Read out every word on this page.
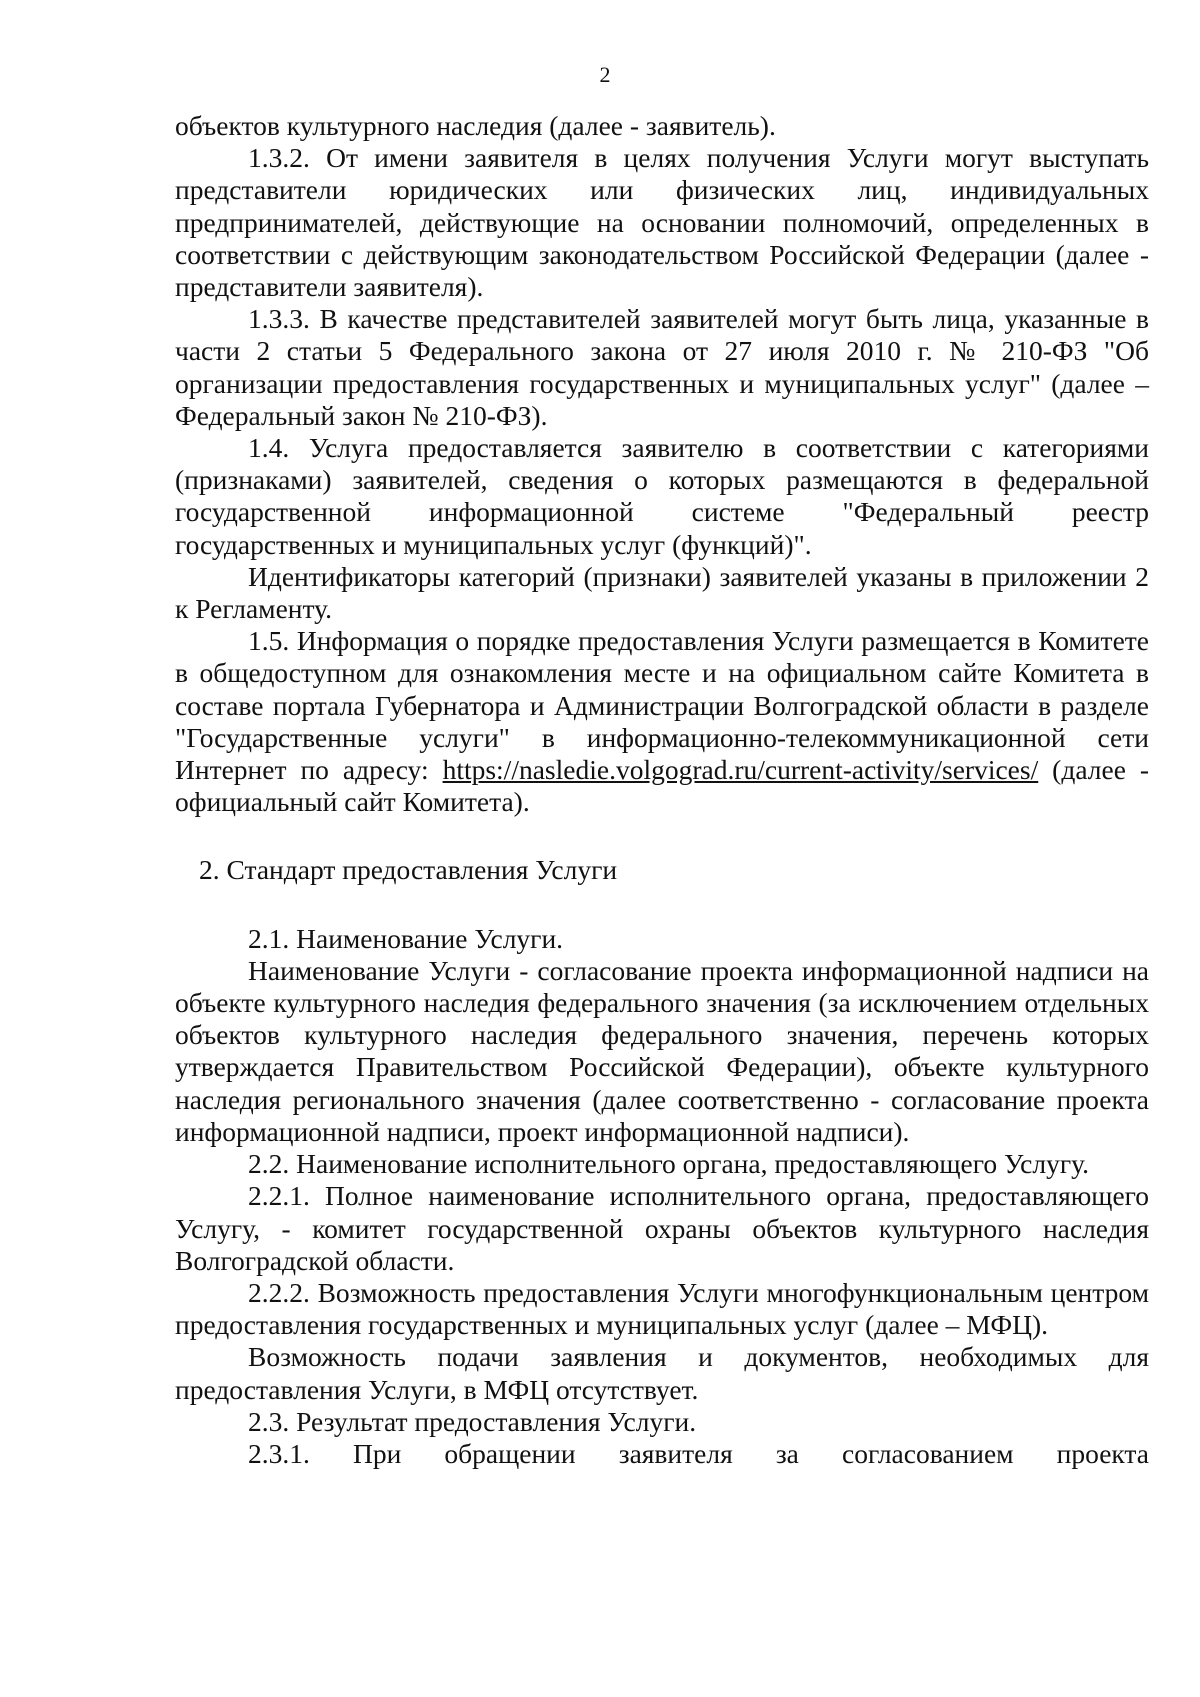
2

объектов культурного наследия (далее - заявитель).

1.3.2. От имени заявителя в целях получения Услуги могут выступать представители юридических или физических лиц, индивидуальных предпринимателей, действующие на основании полномочий, определенных в соответствии с действующим законодательством Российской Федерации (далее - представители заявителя).

1.3.3. В качестве представителей заявителей могут быть лица, указанные в части 2 статьи 5 Федерального закона от 27 июля 2010 г. № 210-ФЗ "Об организации предоставления государственных и муниципальных услуг" (далее – Федеральный закон № 210-ФЗ).

1.4. Услуга предоставляется заявителю в соответствии с категориями (признаками) заявителей, сведения о которых размещаются в федеральной государственной информационной системе "Федеральный реестр государственных и муниципальных услуг (функций)".

Идентификаторы категорий (признаки) заявителей указаны в приложении 2 к Регламенту.

1.5. Информация о порядке предоставления Услуги размещается в Комитете в общедоступном для ознакомления месте и на официальном сайте Комитета в составе портала Губернатора и Администрации Волгоградской области в разделе "Государственные услуги" в информационно-телекоммуникационной сети Интернет по адресу: https://nasledie.volgograd.ru/current-activity/services/ (далее - официальный сайт Комитета).

2. Стандарт предоставления Услуги

2.1. Наименование Услуги.

Наименование Услуги - согласование проекта информационной надписи на объекте культурного наследия федерального значения (за исключением отдельных объектов культурного наследия федерального значения, перечень которых утверждается Правительством Российской Федерации), объекте культурного наследия регионального значения (далее соответственно - согласование проекта информационной надписи, проект информационной надписи).

2.2. Наименование исполнительного органа, предоставляющего Услугу.

2.2.1. Полное наименование исполнительного органа, предоставляющего Услугу, - комитет государственной охраны объектов культурного наследия Волгоградской области.

2.2.2. Возможность предоставления Услуги многофункциональным центром предоставления государственных и муниципальных услуг (далее – МФЦ).

Возможность подачи заявления и документов, необходимых для предоставления Услуги, в МФЦ отсутствует.

2.3. Результат предоставления Услуги.

2.3.1. При обращении заявителя за согласованием проекта
